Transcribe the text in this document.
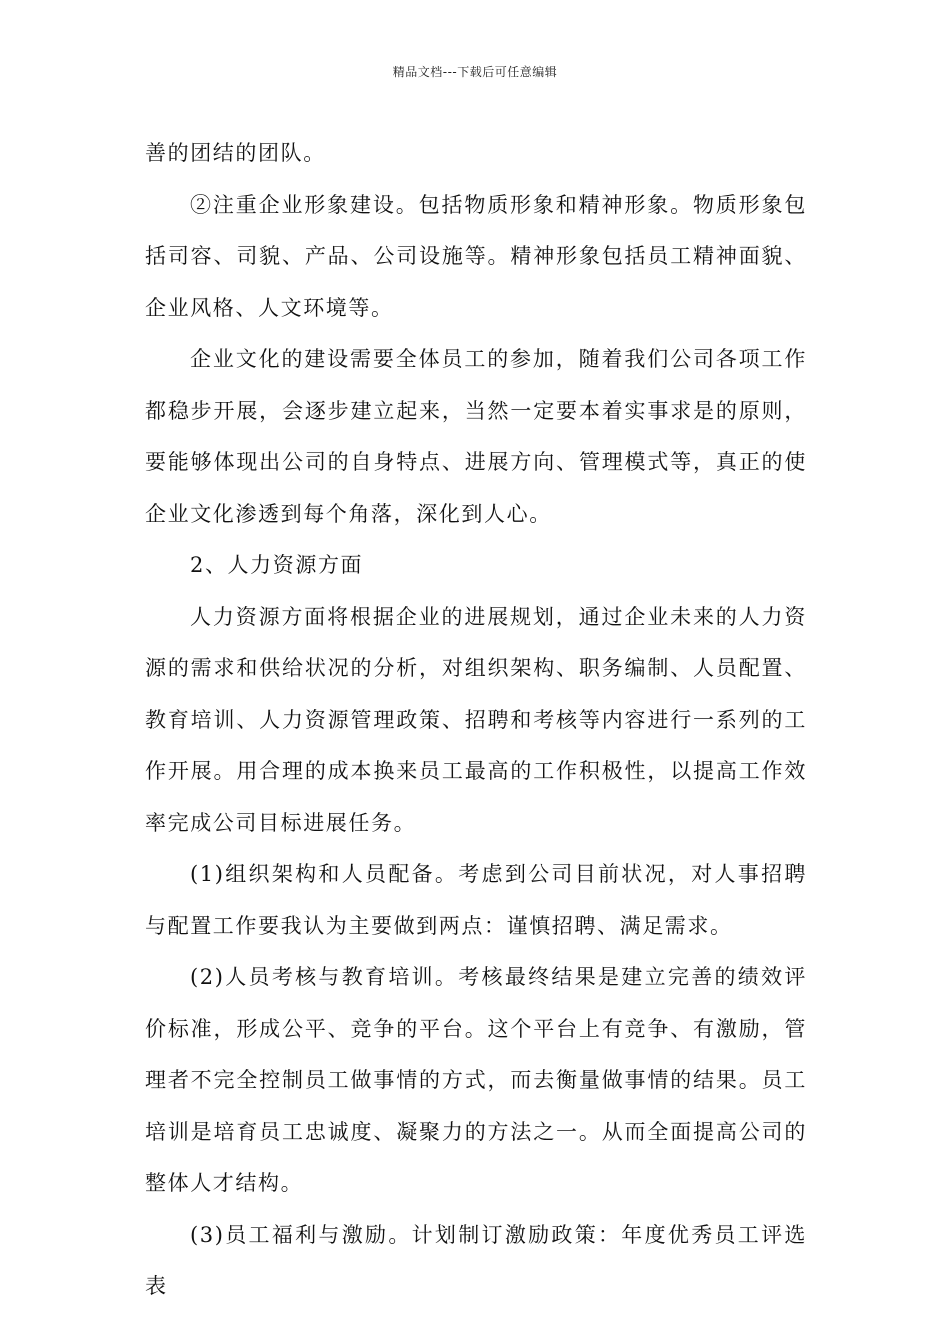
精品文档---下载后可任意编辑

善的团结的团队。

②注重企业形象建设。包括物质形象和精神形象。物质形象包括司容、司貌、产品、公司设施等。精神形象包括员工精神面貌、企业风格、人文环境等。

企业文化的建设需要全体员工的参加，随着我们公司各项工作都稳步开展，会逐步建立起来，当然一定要本着实事求是的原则，要能够体现出公司的自身特点、进展方向、管理模式等，真正的使企业文化渗透到每个角落，深化到人心。

2、人力资源方面

人力资源方面将根据企业的进展规划，通过企业未来的人力资源的需求和供给状况的分析，对组织架构、职务编制、人员配置、教育培训、人力资源管理政策、招聘和考核等内容进行一系列的工作开展。用合理的成本换来员工最高的工作积极性，以提高工作效率完成公司目标进展任务。

(1)组织架构和人员配备。考虑到公司目前状况，对人事招聘与配置工作要我认为主要做到两点：谨慎招聘、满足需求。

(2)人员考核与教育培训。考核最终结果是建立完善的绩效评价标准，形成公平、竞争的平台。这个平台上有竞争、有激励，管理者不完全控制员工做事情的方式，而去衡量做事情的结果。员工培训是培育员工忠诚度、凝聚力的方法之一。从而全面提高公司的整体人才结构。

(3)员工福利与激励。计划制订激励政策：年度优秀员工评选表
